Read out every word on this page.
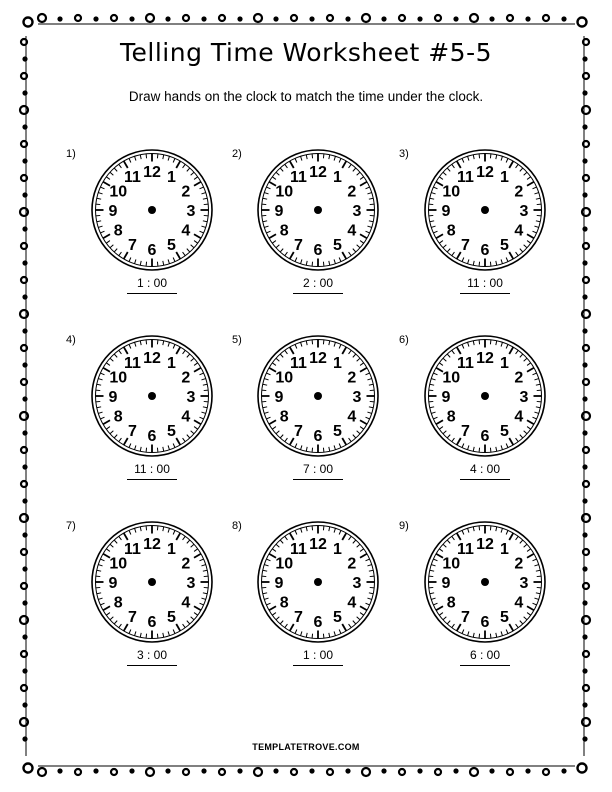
Telling Time Worksheet #5-5
Draw hands on the clock to match the time under the clock.
1)
12 1
2
3
4
5
6
7
8
9
10
11
1 : 00
2)
12 1
2
3
4
5
6
7
8
9
10
11
2 : 00
3)
12 1
2
3
4
5
6
7
8
9
10
11
11 : 00
4)
12 1
2
3
4
5
6
7
8
9
10
11
11 : 00
5)
12 1
2
3
4
5
6
7
8
9
10
11
7 : 00
6)
12 1
2
3
4
5
6
7
8
9
10
11
4 : 00
7)
12 1
2
3
4
5
6
7
8
9
10
11
3 : 00
8)
12 1
2
3
4
5
6
7
8
9
10
11
1 : 00
9)
12 1
2
3
4
5
6
7
8
9
10
11
6 : 00
TEMPLATETROVE.COM
